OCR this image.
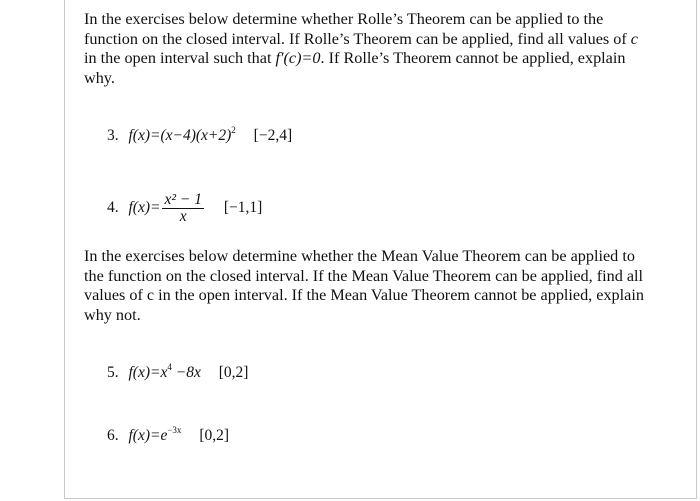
In the exercises below determine whether Rolle’s Theorem can be applied to the function on the closed interval. If Rolle’s Theorem can be applied, find all values of c in the open interval such that f′(c)=0. If Rolle’s Theorem cannot be applied, explain why.

3. $f(x)=(x-4)(x+2)^2$ [−2,4]
4. $f(x)= \frac{\text{x² − 1}}{x} [-1,1]$

In the exercises below determine whether the Mean Value Theorem can be applied to the function on the closed interval. If the Mean Value Theorem can be applied, find all values of c in the open interval. If the Mean Value Theorem cannot be applied, explain why not.

5. $f(x)=x^4 -8x$ [0,2]
6. $f(x)=e^{-3x}$ [0,2]
